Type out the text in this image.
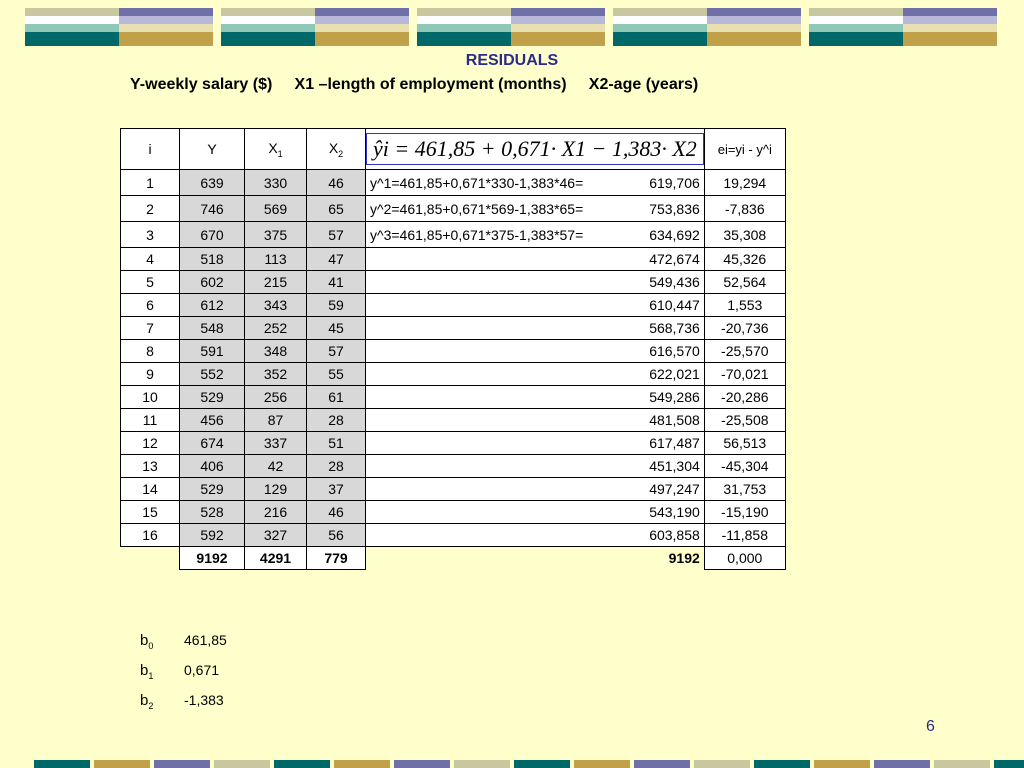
RESIDUALS
Y-weekly salary ($)     X1 –length of employment (months)     X2-age (years)
i	Y	$X_1$	$X_2$	ŷi = 461,85 + 0,671· X1 − 1,383· X2	ei=yi - y^i
1	639	330	46	y^1=461,85+0,671*330-1,383*46= 619,706	19,294
2	746	569	65	y^2=461,85+0,671*569-1,383*65= 753,836	-7,836
3	670	375	57	y^3=461,85+0,671*375-1,383*57= 634,692	35,308
4	518	113	47	472,674	45,326
5	602	215	41	549,436	52,564
6	612	343	59	610,447	1,553
7	548	252	45	568,736	-20,736
8	591	348	57	616,570	-25,570
9	552	352	55	622,021	-70,021
10	529	256	61	549,286	-20,286
11	456	87	28	481,508	-25,508
12	674	337	51	617,487	56,513
13	406	42	28	451,304	-45,304
14	529	129	37	497,247	31,753
15	528	216	46	543,190	-15,190
16	592	327	56	603,858	-11,858
	9192	4291	779	9192	0,000
$b_0$ 461,85
$b_1$ 0,671
$b_2$ -1,383
6
